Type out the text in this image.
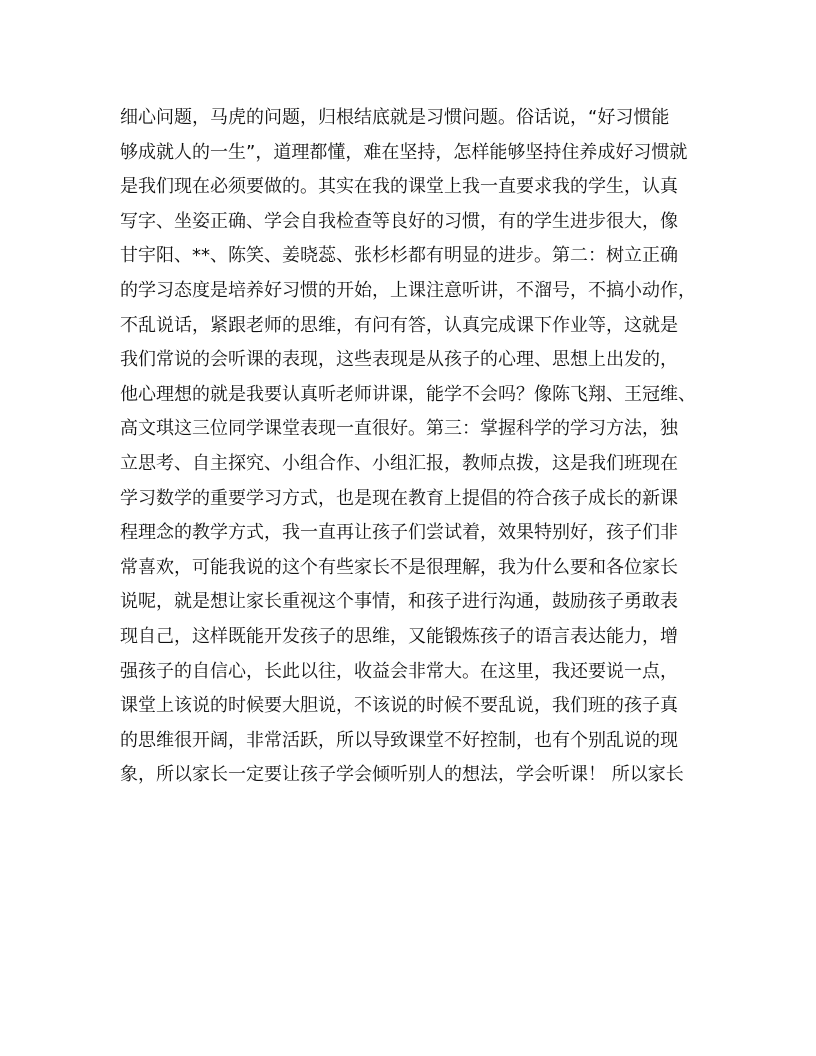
细心问题，马虎的问题，归根结底就是习惯问题。俗话说，“好习惯能
够成就人的一生”，道理都懂，难在坚持，怎样能够坚持住养成好习惯就
是我们现在必须要做的。其实在我的课堂上我一直要求我的学生，认真
写字、坐姿正确、学会自我检查等良好的习惯，有的学生进步很大，像
甘宇阳、**、陈笑、姜晓蕊、张杉杉都有明显的进步。第二：树立正确
的学习态度是培养好习惯的开始，上课注意听讲，不溜号，不搞小动作，
不乱说话，紧跟老师的思维，有问有答，认真完成课下作业等，这就是
我们常说的会听课的表现，这些表现是从孩子的心理、思想上出发的，
他心理想的就是我要认真听老师讲课，能学不会吗？像陈飞翔、王冠维、
高文琪这三位同学课堂表现一直很好。第三：掌握科学的学习方法，独
立思考、自主探究、小组合作、小组汇报，教师点拨，这是我们班现在
学习数学的重要学习方式，也是现在教育上提倡的符合孩子成长的新课
程理念的教学方式，我一直再让孩子们尝试着，效果特别好，孩子们非
常喜欢，可能我说的这个有些家长不是很理解，我为什么要和各位家长
说呢，就是想让家长重视这个事情，和孩子进行沟通，鼓励孩子勇敢表
现自己，这样既能开发孩子的思维，又能锻炼孩子的语言表达能力，增
强孩子的自信心，长此以往，收益会非常大。在这里，我还要说一点，
课堂上该说的时候要大胆说，不该说的时候不要乱说，我们班的孩子真
的思维很开阔，非常活跃，所以导致课堂不好控制，也有个别乱说的现
象，所以家长一定要让孩子学会倾听别人的想法，学会听课！ 所以家长
